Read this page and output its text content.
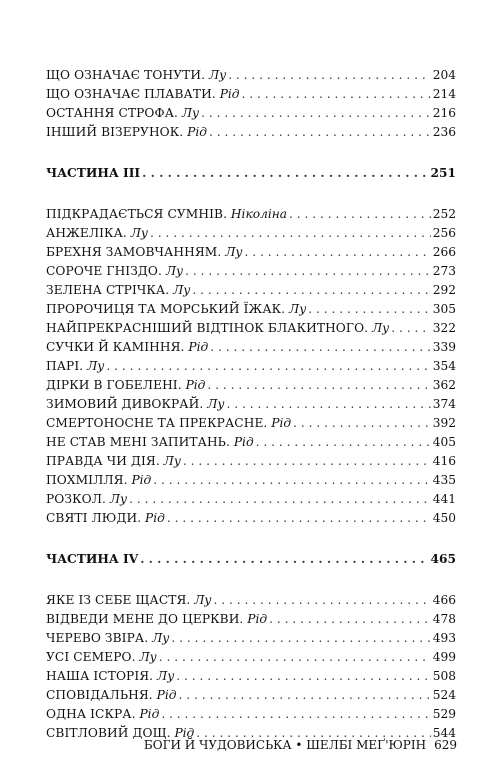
ЩО ОЗНАЧАЄ ТОНУТИ. Лу . . .	204
ЩО ОЗНАЧАЄ ПЛАВАТИ. Рід . . .	214
ОСТАННЯ СТРОФА. Лу . . .	216
ІНШИЙ ВІЗЕРУНОК. Рід . . .	236
ЧАСТИНА ІІІ . . .	251
ПІДКРАДАЄТЬСЯ СУМНІВ. Ніколіна . . .	252
АНЖЕЛІКА. Лу . . .	256
БРЕХНЯ ЗАМОВЧАННЯМ. Лу . . .	266
СОРОЧЕ ГНІЗДО. Лу . . .	273
ЗЕЛЕНА СТРІЧКА. Лу . . .	292
ПРОРОЧИЦЯ ТА МОРСЬКИЙ ЇЖАК. Лу . . .	305
НАЙПРЕКРАСНІШИЙ ВІДТІНОК БЛАКИТНОГО. Лу . . .	322
СУЧКИ Й КАМІННЯ. Рід . . .	339
ПАРІ. Лу . . .	354
ДІРКИ В ГОБЕЛЕНІ. Рід . . .	362
ЗИМОВИЙ ДИВОКРАЙ. Лу . . .	374
СМЕРТОНОСНЕ ТА ПРЕКРАСНЕ. Рід . . .	392
НЕ СТАВ МЕНІ ЗАПИТАНЬ. Рід . . .	405
ПРАВДА ЧИ ДІЯ. Лу . . .	416
ПОХМІЛЛЯ. Рід . . .	435
РОЗКОЛ. Лу . . .	441
СВЯТІ ЛЮДИ. Рід . . .	450
ЧАСТИНА IV . . .	465
ЯКЕ ІЗ СЕБЕ ЩАСТЯ. Лу . . .	466
ВІДВЕДИ МЕНЕ ДО ЦЕРКВИ. Рід . . .	478
ЧЕРЕВО ЗВІРА. Лу . . .	493
УСІ СЕМЕРО. Лу . . .	499
НАША ІСТОРІЯ. Лу . . .	508
СПОВІДАЛЬНЯ. Рід . . .	524
ОДНА ІСКРА. Рід . . .	529
СВІТЛОВИЙ ДОЩ. Рід . . .	544
БОГИ Й ЧУДОВИСЬКА • ШЕЛБІ МЕҐ'ЮРІН 629
